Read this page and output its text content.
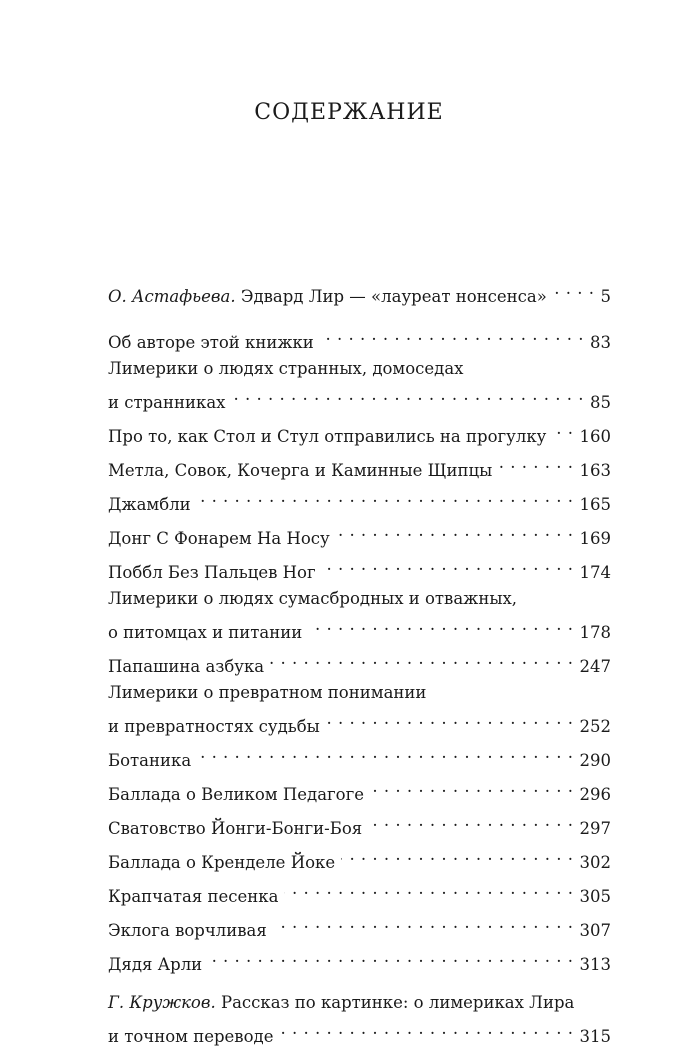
СОДЕРЖАНИЕ
О. Астафьева. Эдвард Лир — «лауреат нонсенса» . . .	5
Об авторе этой книжки . . .	83
Лимерики о людях странных, домоседах
и странниках . . .	85
Про то, как Стол и Стул отправились на прогулку . . . 160
Метла, Совок, Кочерга и Каминные Щипцы . . .	163
Джамбли . . .	165
Донг С Фонарем На Носу . . .	169
Поббл Без Пальцев Ног . . .	174
Лимерики о людях сумасбродных и отважных,
о питомцах и питании . . .	178
Папашина азбука . . .	247
Лимерики о превратном понимании
и превратностях судьбы . . .	252
Ботаника . . .	290
Баллада о Великом Педагоге . . .	296
Сватовство Йонги-Бонги-Боя . . .	297
Баллада о Кренделе Йоке . . .	302
Крапчатая песенка . . .	305
Эклога ворчливая . . .	307
Дядя Арли . . .	313
Г. Кружков. Рассказ по картинке: о лимериках Лира
и точном переводе . . .	315
